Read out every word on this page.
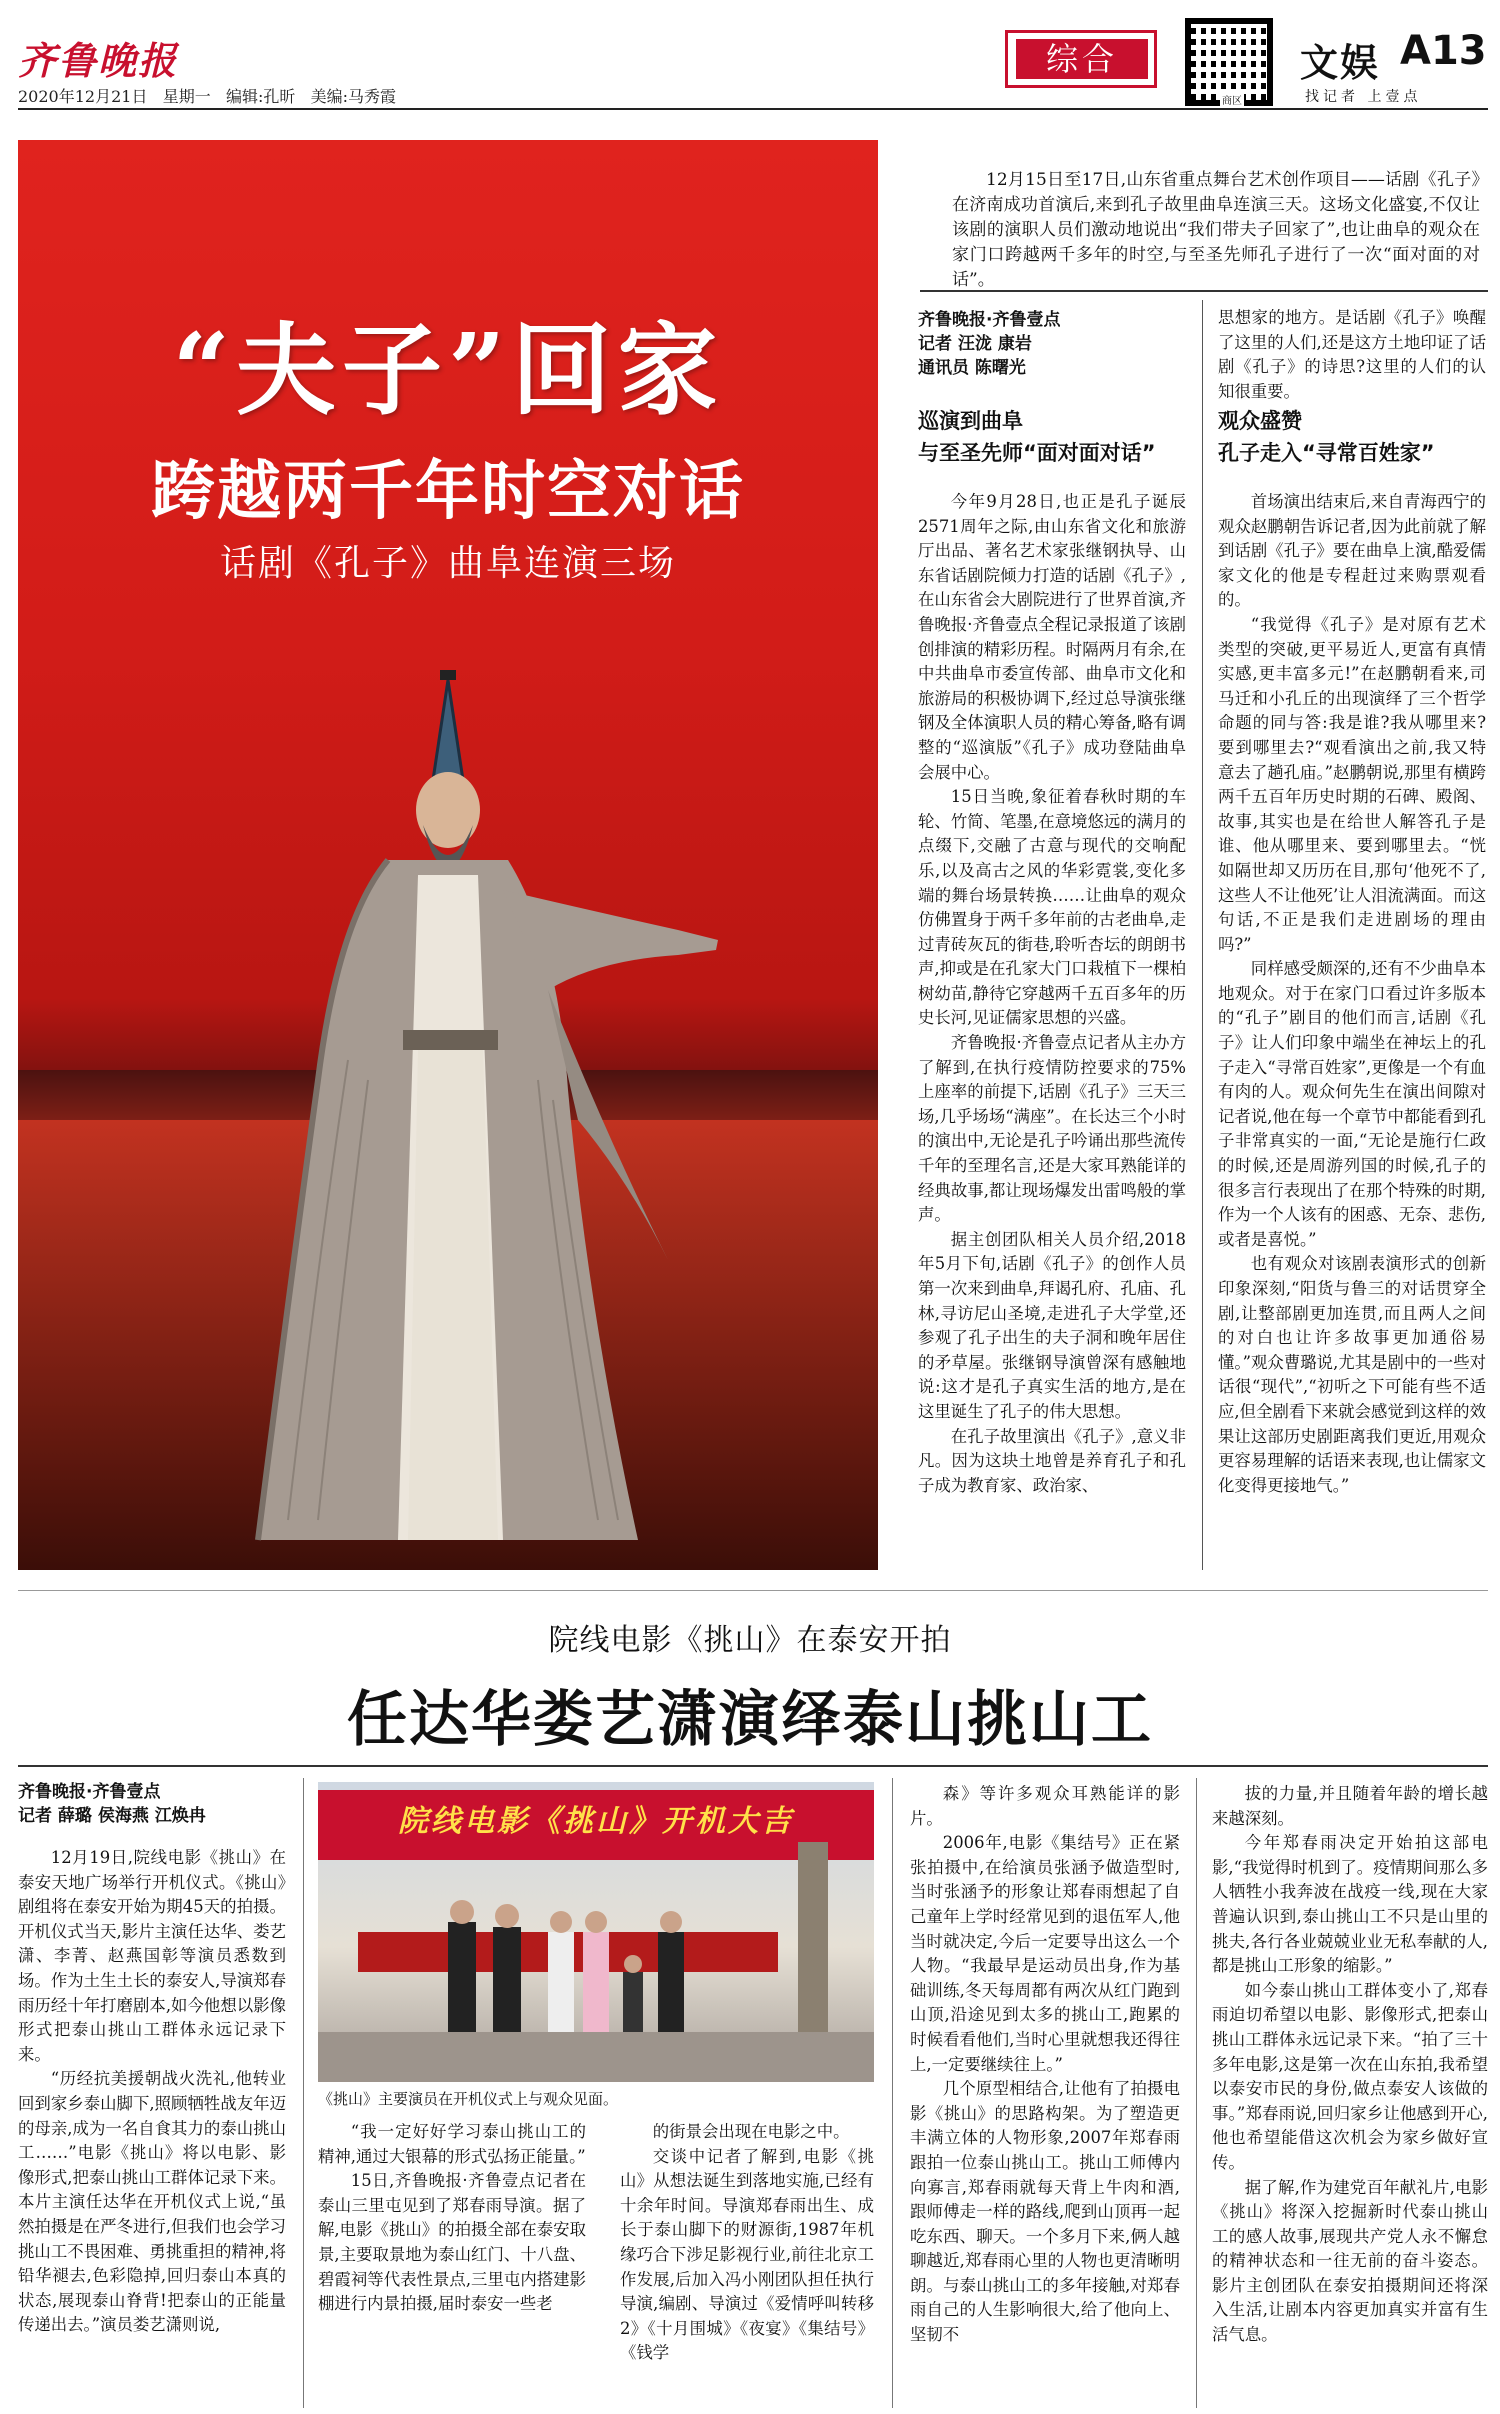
齐鲁晚报
2020年12月21日   星期一   编辑:孔昕   美编:马秀霞
综合
商区
文娱 A13
找记者 上壹点
“夫子”回家
跨越两千年时空对话
话剧《孔子》曲阜连演三场
12月15日至17日,山东省重点舞台艺术创作项目——话剧《孔子》在济南成功首演后,来到孔子故里曲阜连演三天。这场文化盛宴,不仅让该剧的演职人员们激动地说出“我们带夫子回家了”,也让曲阜的观众在家门口跨越两千多年的时空,与至圣先师孔子进行了一次“面对面的对话”。
齐鲁晚报·齐鲁壹点
记者 汪泷 康岩
通讯员 陈曙光
巡演到曲阜
与至圣先师“面对面对话”

今年9月28日,也正是孔子诞辰2571周年之际,由山东省文化和旅游厅出品、著名艺术家张继钢执导、山东省话剧院倾力打造的话剧《孔子》,在山东省会大剧院进行了世界首演,齐鲁晚报·齐鲁壹点全程记录报道了该剧创排演的精彩历程。时隔两月有余,在中共曲阜市委宣传部、曲阜市文化和旅游局的积极协调下,经过总导演张继钢及全体演职人员的精心筹备,略有调整的“巡演版”《孔子》成功登陆曲阜会展中心。

15日当晚,象征着春秋时期的车轮、竹简、笔墨,在意境悠远的满月的点缀下,交融了古意与现代的交响配乐,以及高古之风的华彩霓裳,变化多端的舞台场景转换……让曲阜的观众仿佛置身于两千多年前的古老曲阜,走过青砖灰瓦的街巷,聆听杏坛的朗朗书声,抑或是在孔家大门口栽植下一棵柏树幼苗,静待它穿越两千五百多年的历史长河,见证儒家思想的兴盛。

齐鲁晚报·齐鲁壹点记者从主办方了解到,在执行疫情防控要求的75%上座率的前提下,话剧《孔子》三天三场,几乎场场“满座”。在长达三个小时的演出中,无论是孔子吟诵出那些流传千年的至理名言,还是大家耳熟能详的经典故事,都让现场爆发出雷鸣般的掌声。

据主创团队相关人员介绍,2018年5月下旬,话剧《孔子》的创作人员第一次来到曲阜,拜谒孔府、孔庙、孔林,寻访尼山圣境,走进孔子大学堂,还参观了孔子出生的夫子洞和晚年居住的矛草屋。张继钢导演曾深有感触地说:这才是孔子真实生活的地方,是在这里诞生了孔子的伟大思想。

在孔子故里演出《孔子》,意义非凡。因为这块土地曾是养育孔子和孔子成为教育家、政治家、

思想家的地方。是话剧《孔子》唤醒了这里的人们,还是这方土地印证了话剧《孔子》的诗思?这里的人们的认知很重要。
观众盛赞
孔子走入“寻常百姓家”

首场演出结束后,来自青海西宁的观众赵鹏朝告诉记者,因为此前就了解到话剧《孔子》要在曲阜上演,酷爱儒家文化的他是专程赶过来购票观看的。

“我觉得《孔子》是对原有艺术类型的突破,更平易近人,更富有真情实感,更丰富多元!”在赵鹏朝看来,司马迁和小孔丘的出现演绎了三个哲学命题的同与答:我是谁?我从哪里来?要到哪里去?“观看演出之前,我又特意去了趟孔庙。”赵鹏朝说,那里有横跨两千五百年历史时期的石碑、殿阁、故事,其实也是在给世人解答孔子是谁、他从哪里来、要到哪里去。“恍如隔世却又历历在目,那句‘他死不了,这些人不让他死’让人泪流满面。而这句话,不正是我们走进剧场的理由吗?”

同样感受颇深的,还有不少曲阜本地观众。对于在家门口看过许多版本的“孔子”剧目的他们而言,话剧《孔子》让人们印象中端坐在神坛上的孔子走入“寻常百姓家”,更像是一个有血有肉的人。观众何先生在演出间隙对记者说,他在每一个章节中都能看到孔子非常真实的一面,“无论是施行仁政的时候,还是周游列国的时候,孔子的很多言行表现出了在那个特殊的时期,作为一个人该有的困惑、无奈、悲伤,或者是喜悦。”

也有观众对该剧表演形式的创新印象深刻,“阳货与鲁三的对话贯穿全剧,让整部剧更加连贯,而且两人之间的对白也让许多故事更加通俗易懂。”观众曹璐说,尤其是剧中的一些对话很“现代”,“初听之下可能有些不适应,但全剧看下来就会感觉到这样的效果让这部历史剧距离我们更近,用观众更容易理解的话语来表现,也让儒家文化变得更接地气。”

院线电影《挑山》在泰安开拍
任达华娄艺潇演绎泰山挑山工
齐鲁晚报·齐鲁壹点
记者 薛璐 侯海燕 江焕冉

12月19日,院线电影《挑山》在泰安天地广场举行开机仪式。《挑山》剧组将在泰安开始为期45天的拍摄。开机仪式当天,影片主演任达华、娄艺潇、李菁、赵燕国彰等演员悉数到场。作为土生土长的泰安人,导演郑春雨历经十年打磨剧本,如今他想以影像形式把泰山挑山工群体永远记录下来。

“历经抗美援朝战火洗礼,他转业回到家乡泰山脚下,照顾牺牲战友年迈的母亲,成为一名自食其力的泰山挑山工……”电影《挑山》将以电影、影像形式,把泰山挑山工群体记录下来。本片主演任达华在开机仪式上说,“虽然拍摄是在严冬进行,但我们也会学习挑山工不畏困难、勇挑重担的精神,将铅华褪去,色彩隐掉,回归泰山本真的状态,展现泰山脊背!把泰山的正能量传递出去。”演员娄艺潇则说,

院线电影《挑山》开机大吉
《挑山》主要演员在开机仪式上与观众见面。

“我一定好好学习泰山挑山工的精神,通过大银幕的形式弘扬正能量。”

15日,齐鲁晚报·齐鲁壹点记者在泰山三里屯见到了郑春雨导演。据了解,电影《挑山》的拍摄全部在泰安取景,主要取景地为泰山红门、十八盘、碧霞祠等代表性景点,三里屯内搭建影棚进行内景拍摄,届时泰安一些老

的街景会出现在电影之中。

交谈中记者了解到,电影《挑山》从想法诞生到落地实施,已经有十余年时间。导演郑春雨出生、成长于泰山脚下的财源街,1987年机缘巧合下涉足影视行业,前往北京工作发展,后加入冯小刚团队担任执行导演,编剧、导演过《爱情呼叫转移2》《十月围城》《夜宴》《集结号》《钱学

森》等许多观众耳熟能详的影片。

2006年,电影《集结号》正在紧张拍摄中,在给演员张涵予做造型时,当时张涵予的形象让郑春雨想起了自己童年上学时经常见到的退伍军人,他当时就决定,今后一定要导出这么一个人物。“我最早是运动员出身,作为基础训练,冬天每周都有两次从红门跑到山顶,沿途见到太多的挑山工,跑累的时候看看他们,当时心里就想我还得往上,一定要继续往上。”

几个原型相结合,让他有了拍摄电影《挑山》的思路构架。为了塑造更丰满立体的人物形象,2007年郑春雨跟拍一位泰山挑山工。挑山工师傅内向寡言,郑春雨就每天背上牛肉和酒,跟师傅走一样的路线,爬到山顶再一起吃东西、聊天。一个多月下来,俩人越聊越近,郑春雨心里的人物也更清晰明朗。与泰山挑山工的多年接触,对郑春雨自己的人生影响很大,给了他向上、坚韧不

拔的力量,并且随着年龄的增长越来越深刻。

今年郑春雨决定开始拍这部电影,“我觉得时机到了。疫情期间那么多人牺牲小我奔波在战疫一线,现在大家普遍认识到,泰山挑山工不只是山里的挑夫,各行各业兢兢业业无私奉献的人,都是挑山工形象的缩影。”

如今泰山挑山工群体变小了,郑春雨迫切希望以电影、影像形式,把泰山挑山工群体永远记录下来。“拍了三十多年电影,这是第一次在山东拍,我希望以泰安市民的身份,做点泰安人该做的事。”郑春雨说,回归家乡让他感到开心,他也希望能借这次机会为家乡做好宣传。

据了解,作为建党百年献礼片,电影《挑山》将深入挖掘新时代泰山挑山工的感人故事,展现共产党人永不懈怠的精神状态和一往无前的奋斗姿态。影片主创团队在泰安拍摄期间还将深入生活,让剧本内容更加真实并富有生活气息。
